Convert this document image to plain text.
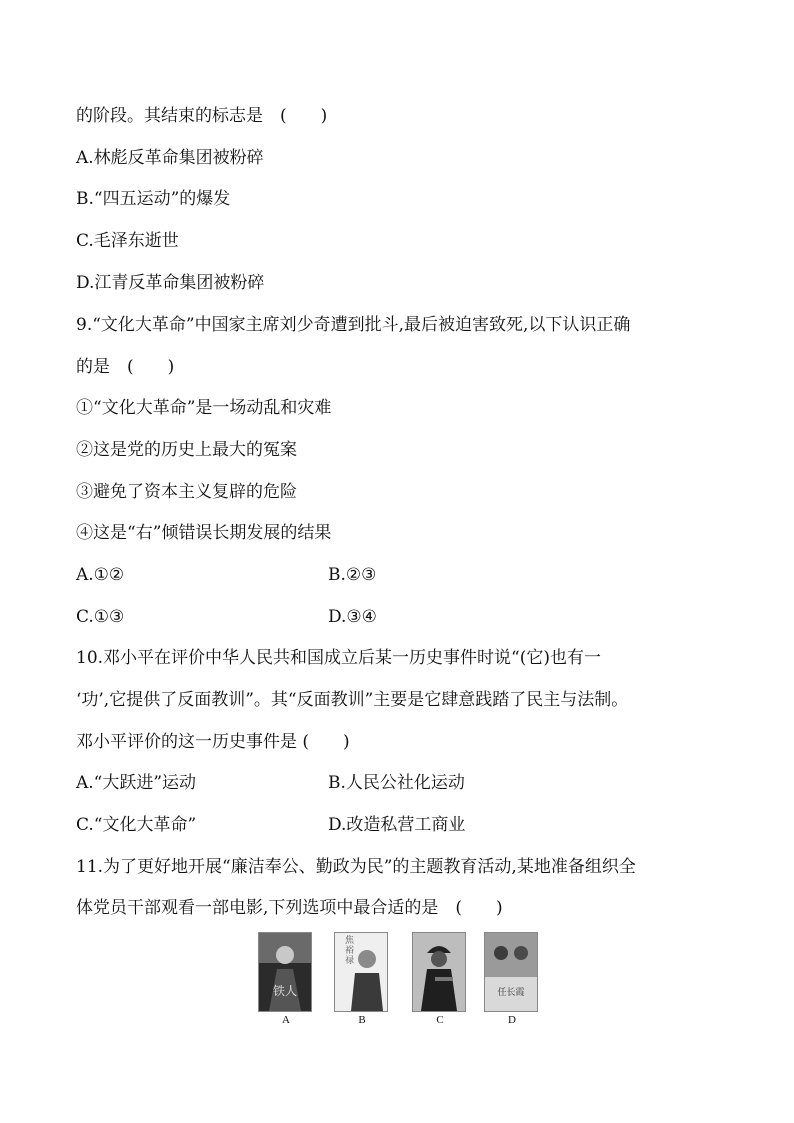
的阶段。其结束的标志是　(　　)
A.林彪反革命集团被粉碎
B.“四五运动”的爆发
C.毛泽东逝世
D.江青反革命集团被粉碎
9.“文化大革命”中国家主席刘少奇遭到批斗,最后被迫害致死,以下认识正确
的是　(　　)
①“文化大革命”是一场动乱和灾难
②这是党的历史上最大的冤案
③避免了资本主义复辟的危险
④这是“右”倾错误长期发展的结果
A.①②	B.②③
C.①③	D.③④
10.邓小平在评价中华人民共和国成立后某一历史事件时说“(它)也有一
‘功’,它提供了反面教训”。其“反面教训”主要是它肆意践踏了民主与法制。
邓小平评价的这一历史事件是 (　　)
A.“大跃进”运动	B.人民公社化运动
C.“文化大革命”	D.改造私营工商业
11.为了更好地开展“廉洁奉公、勤政为民”的主题教育活动,某地准备组织全
体党员干部观看一部电影,下列选项中最合适的是　(　　)
铁人
焦裕禄
任长霞
A	B	C	D
